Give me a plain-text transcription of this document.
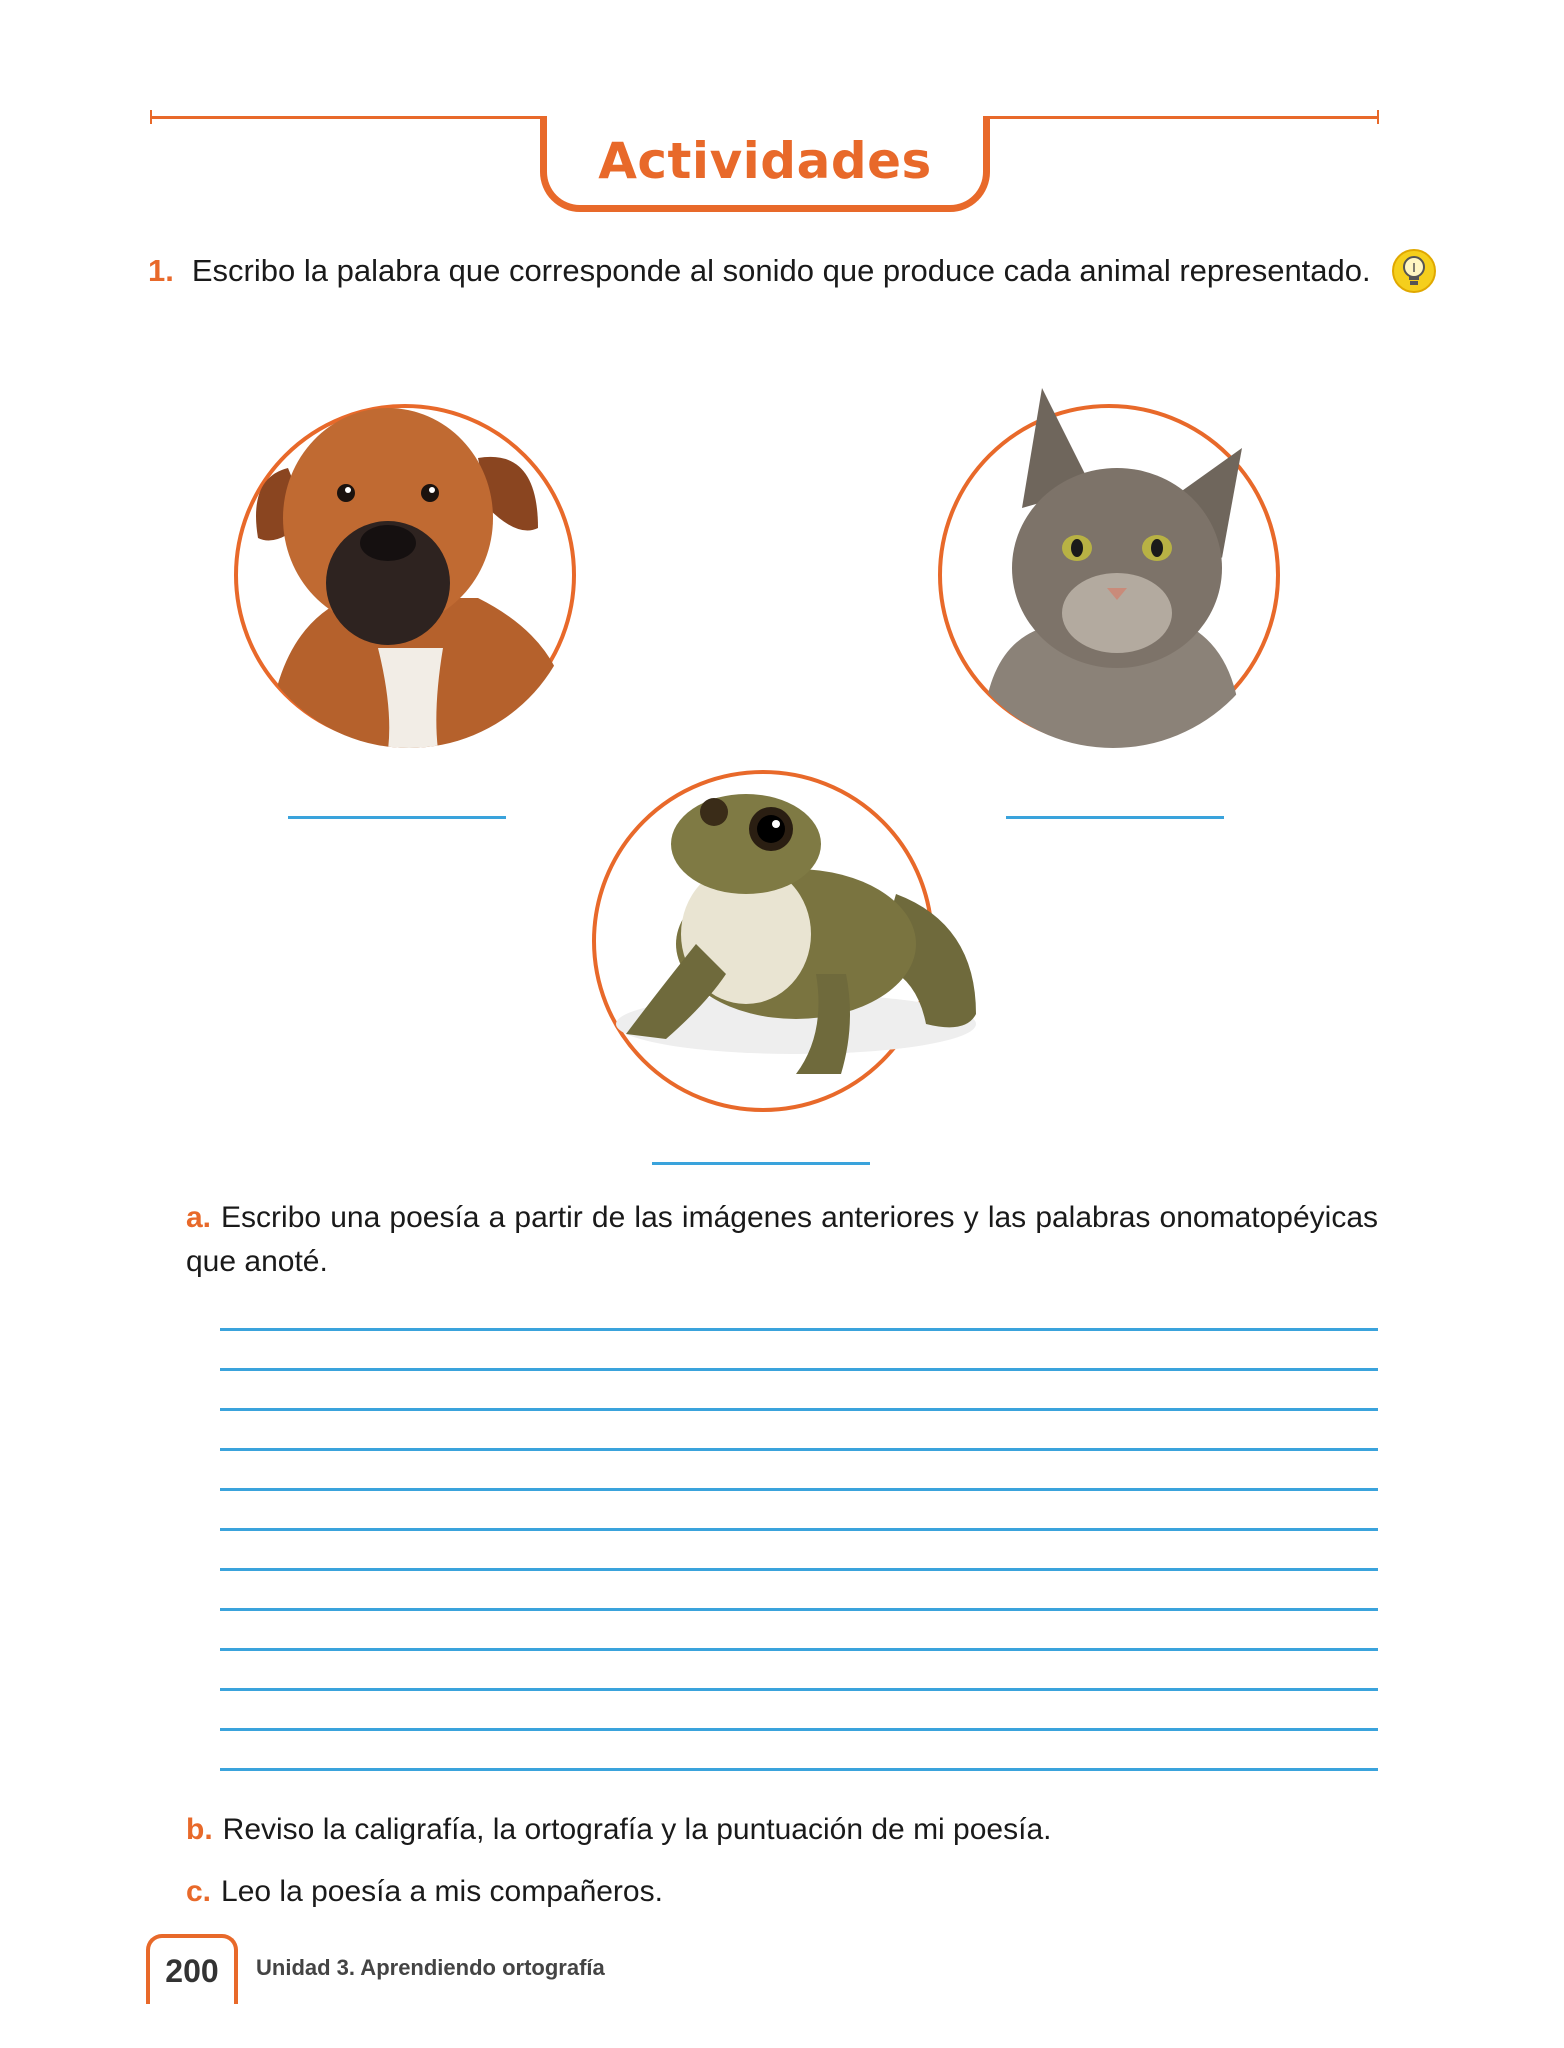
Actividades
1. Escribo la palabra que corresponde al sonido que produce cada animal representado.
a. Escribo una poesía a partir de las imágenes anteriores y las palabras onomatopéyicas que anoté.
b. Reviso la caligrafía, la ortografía y la puntuación de mi poesía.
c. Leo la poesía a mis compañeros.
200 Unidad 3. Aprendiendo ortografía
